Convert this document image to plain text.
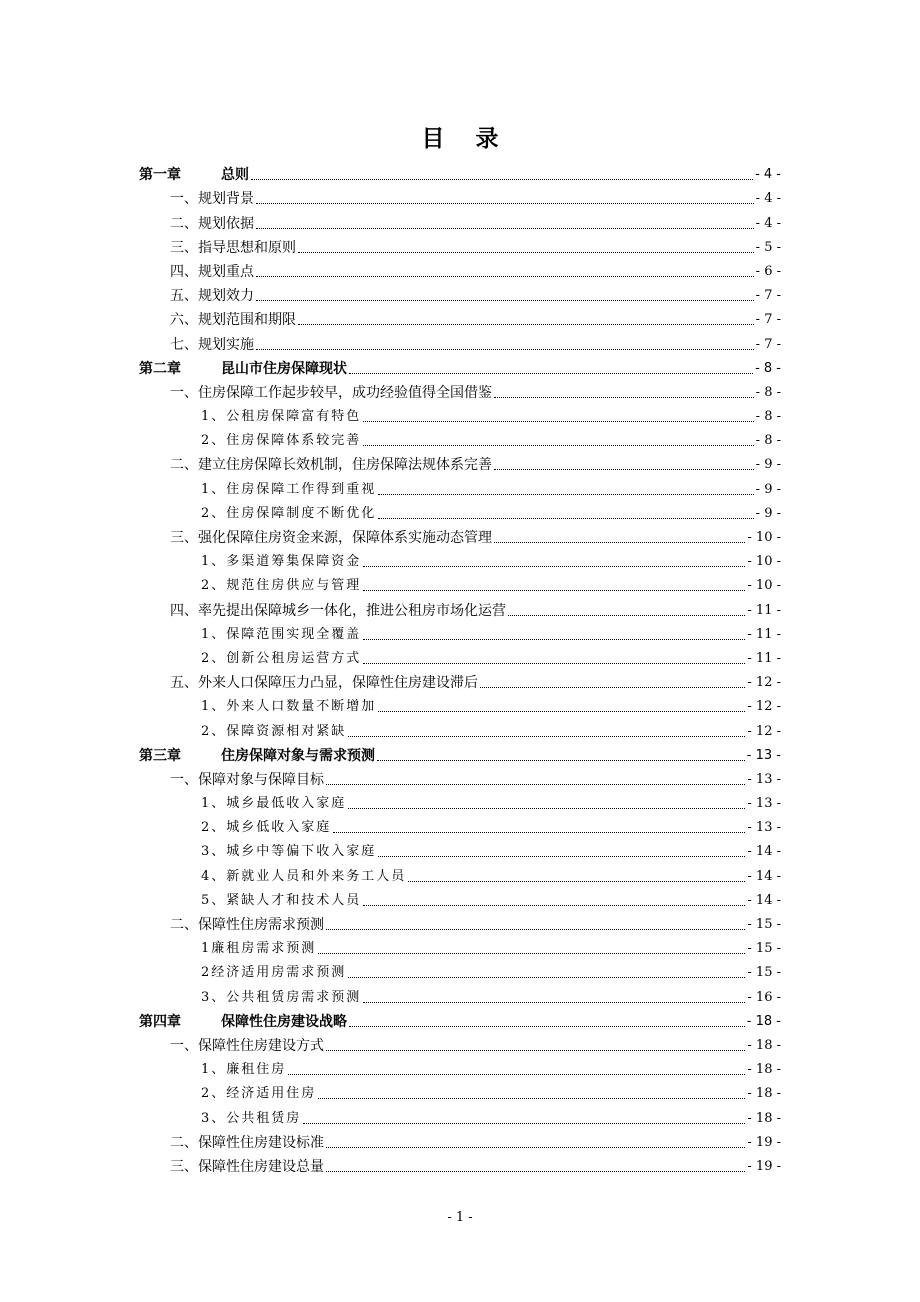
目 录
第一章	总则	- 4 -
一、规划背景	- 4 -
二、规划依据	- 4 -
三、指导思想和原则	- 5 -
四、规划重点	- 6 -
五、规划效力	- 7 -
六、规划范围和期限	- 7 -
七、规划实施	- 7 -
第二章	昆山市住房保障现状	- 8 -
一、住房保障工作起步较早，成功经验值得全国借鉴	- 8 -
1、公租房保障富有特色	- 8 -
2、住房保障体系较完善	- 8 -
二、建立住房保障长效机制，住房保障法规体系完善	- 9 -
1、住房保障工作得到重视	- 9 -
2、住房保障制度不断优化	- 9 -
三、强化保障住房资金来源，保障体系实施动态管理	- 10 -
1、多渠道筹集保障资金	- 10 -
2、规范住房供应与管理	- 10 -
四、率先提出保障城乡一体化，推进公租房市场化运营	- 11 -
1、保障范围实现全覆盖	- 11 -
2、创新公租房运营方式	- 11 -
五、外来人口保障压力凸显，保障性住房建设滞后	- 12 -
1、外来人口数量不断增加	- 12 -
2、保障资源相对紧缺	- 12 -
第三章	住房保障对象与需求预测	- 13 -
一、保障对象与保障目标	- 13 -
1、城乡最低收入家庭	- 13 -
2、城乡低收入家庭	- 13 -
3、城乡中等偏下收入家庭	- 14 -
4、新就业人员和外来务工人员	- 14 -
5、紧缺人才和技术人员	- 14 -
二、保障性住房需求预测	- 15 -
1廉租房需求预测	- 15 -
2经济适用房需求预测	- 15 -
3、公共租赁房需求预测	- 16 -
第四章	保障性住房建设战略	- 18 -
一、保障性住房建设方式	- 18 -
1、廉租住房	- 18 -
2、经济适用住房	- 18 -
3、公共租赁房	- 18 -
二、保障性住房建设标准	- 19 -
三、保障性住房建设总量	- 19 -
- 1 -
